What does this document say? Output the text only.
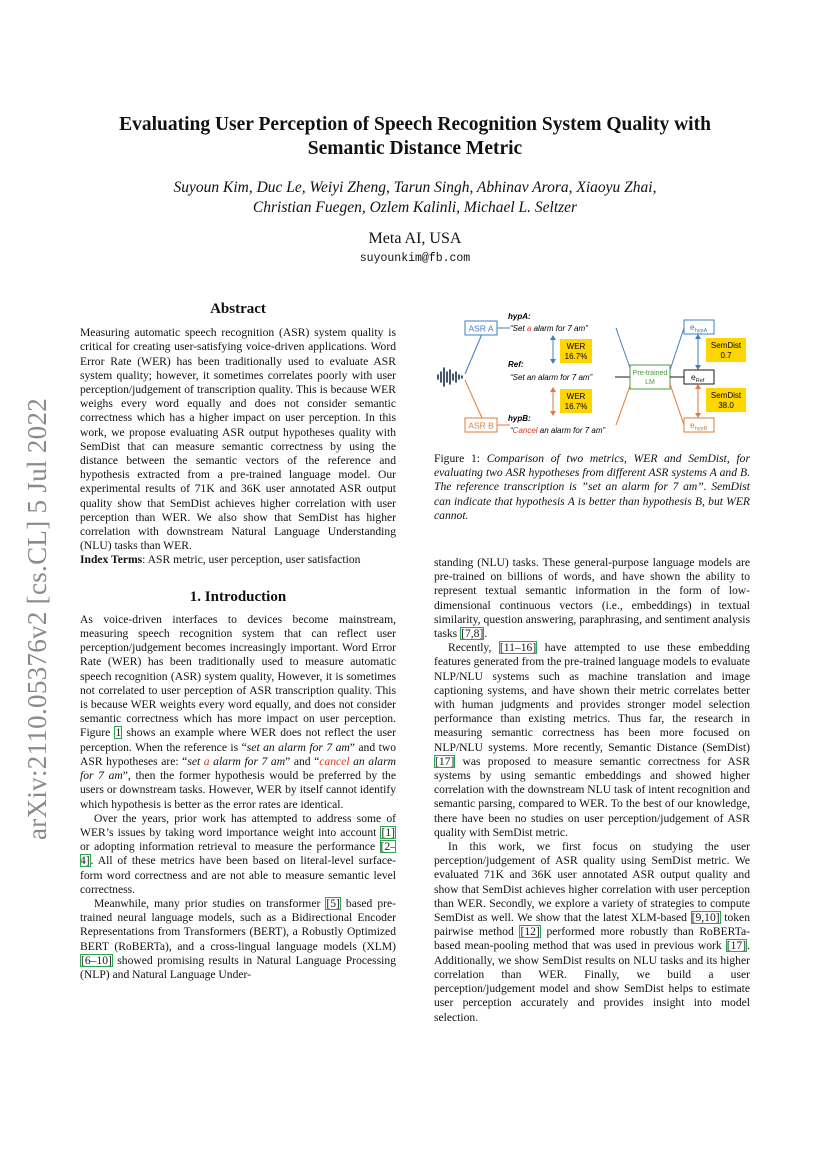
arXiv:2110.05376v2 [cs.CL] 5 Jul 2022
Evaluating User Perception of Speech Recognition System Quality with Semantic Distance Metric
Suyoun Kim, Duc Le, Weiyi Zheng, Tarun Singh, Abhinav Arora, Xiaoyu Zhai,
Christian Fuegen, Ozlem Kalinli, Michael L. Seltzer
Meta AI, USA
suyounkim@fb.com
Abstract

Measuring automatic speech recognition (ASR) system quality is critical for creating user-satisfying voice-driven applications. Word Error Rate (WER) has been traditionally used to evaluate ASR system quality; however, it sometimes correlates poorly with user perception/judgement of transcription quality. This is because WER weighs every word equally and does not consider semantic correctness which has a higher impact on user perception. In this work, we propose evaluating ASR output hypotheses quality with SemDist that can measure semantic correctness by using the distance between the semantic vectors of the reference and hypothesis extracted from a pre-trained language model. Our experimental results of 71K and 36K user annotated ASR output quality show that SemDist achieves higher correlation with user perception than WER. We also show that SemDist has higher correlation with downstream Natural Language Understanding (NLU) tasks than WER.

Index Terms: ASR metric, user perception, user satisfaction

1. Introduction

As voice-driven interfaces to devices become mainstream, measuring speech recognition system that can reflect user perception/judgement becomes increasingly important. Word Error Rate (WER) has been traditionally used to measure automatic speech recognition (ASR) system quality, However, it is sometimes not correlated to user perception of ASR transcription quality. This is because WER weights every word equally, and does not consider semantic correctness which has more impact on user perception. Figure 1 shows an example where WER does not reflect the user perception. When the reference is “set an alarm for 7 am” and two ASR hypotheses are: “set a alarm for 7 am” and “cancel an alarm for 7 am”, then the former hypothesis would be preferred by the users or downstream tasks. However, WER by itself cannot identify which hypothesis is better as the error rates are identical.

Over the years, prior work has attempted to address some of WER’s issues by taking word importance weight into account [1] or adopting information retrieval to measure the performance [2–4]. All of these metrics have been based on literal-level surface-form word correctness and are not able to measure semantic level correctness.

Meanwhile, many prior studies on transformer [5] based pre-trained neural language models, such as a Bidirectional Encoder Representations from Transformers (BERT), a Robustly Optimized BERT (RoBERTa), and a cross-lingual language models (XLM) [6–10] showed promising results in Natural Language Processing (NLP) and Natural Language Under-

ASR A
ASR B
hypA:
“Set a alarm for 7 am”
Ref:
“Set an alarm for 7 am”
hypB:
“Cancel an alarm for 7 am”
WER
16.7%
WER
16.7%
Pre-trained
LM
$e_{hypA}$
$e_{Ref}$
$e_{hypB}$
SemDist
0.7
SemDist
38.0
Figure 1: Comparison of two metrics, WER and SemDist, for evaluating two ASR hypotheses from different ASR systems A and B. The reference transcription is ”set an alarm for 7 am”. SemDist can indicate that hypothesis A is better than hypothesis B, but WER cannot.

standing (NLU) tasks. These general-purpose language models are pre-trained on billions of words, and have shown the ability to represent textual semantic information in the form of low-dimensional continuous vectors (i.e., embeddings) in textual similarity, question answering, paraphrasing, and sentiment analysis tasks [7,8].

Recently, [11–16] have attempted to use these embedding features generated from the pre-trained language models to evaluate NLP/NLU systems such as machine translation and image captioning systems, and have shown their metric correlates better with human judgments and provides stronger model selection performance than existing metrics. Thus far, the research in measuring semantic correctness has been more focused on NLP/NLU systems. More recently, Semantic Distance (SemDist) [17] was proposed to measure semantic correctness for ASR systems by using semantic embeddings and showed higher correlation with the downstream NLU task of intent recognition and semantic parsing, compared to WER. To the best of our knowledge, there have been no studies on user perception/judgement of ASR quality with SemDist metric.

In this work, we first focus on studying the user perception/judgement of ASR quality using SemDist metric. We evaluated 71K and 36K user annotated ASR output quality and show that SemDist achieves higher correlation with user perception than WER. Secondly, we explore a variety of strategies to compute SemDist as well. We show that the latest XLM-based [9,10] token pairwise method [12] performed more robustly than RoBERTa-based mean-pooling method that was used in previous work [17]. Additionally, we show SemDist results on NLU tasks and its higher correlation than WER. Finally, we build a user perception/judgement model and show SemDist helps to estimate user perception accurately and provides insight into model selection.
